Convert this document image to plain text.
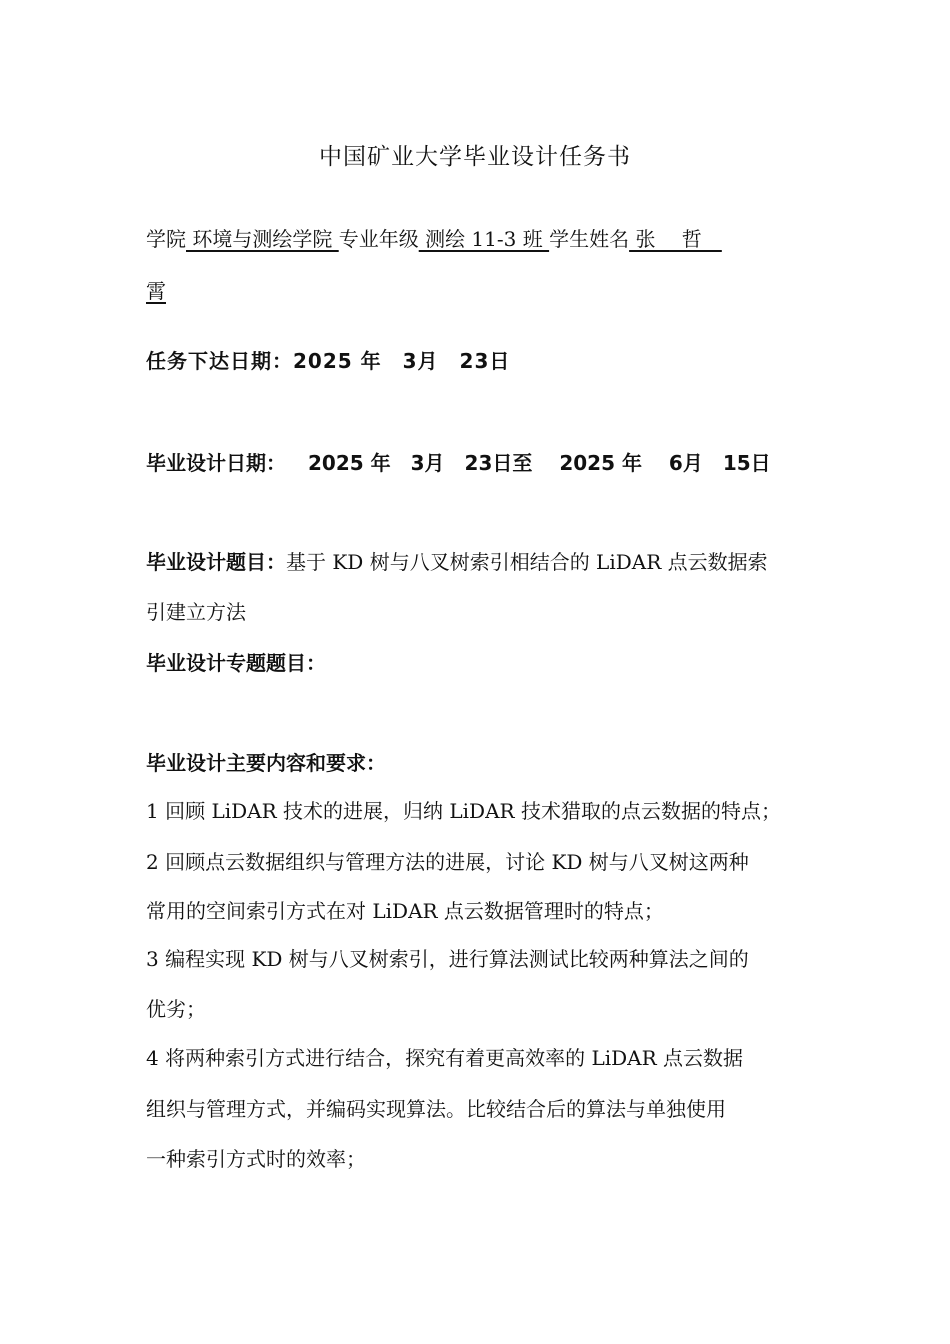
中国矿业大学毕业设计任务书
学院 环境与测绘学院 专业年级 测绘 11-3 班 学生姓名 张　 哲　
霄
任务下达日期：2025 年　3月　23日
毕业设计日期： 2025 年　3月　23日至　 2025 年　 6月　15日
毕业设计题目：基于 KD 树与八叉树索引相结合的 LiDAR 点云数据索
引建立方法
毕业设计专题题目：
毕业设计主要内容和要求：
1 回顾 LiDAR 技术的进展，归纳 LiDAR 技术猎取的点云数据的特点；
2 回顾点云数据组织与管理方法的进展，讨论 KD 树与八叉树这两种
常用的空间索引方式在对 LiDAR 点云数据管理时的特点；
3 编程实现 KD 树与八叉树索引，进行算法测试比较两种算法之间的
优劣；
4 将两种索引方式进行结合，探究有着更高效率的 LiDAR 点云数据
组织与管理方式，并编码实现算法。比较结合后的算法与单独使用
一种索引方式时的效率；
